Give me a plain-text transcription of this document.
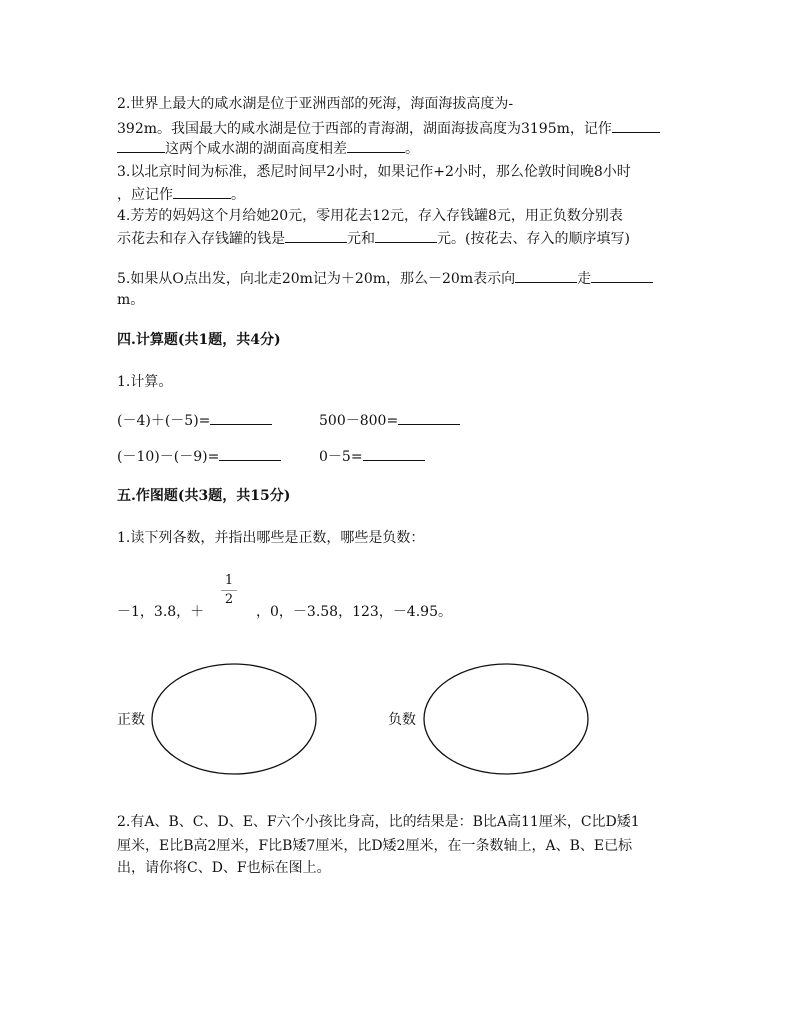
2.世界上最大的咸水湖是位于亚洲西部的死海，海面海拔高度为-
392m。我国最大的咸水湖是位于西部的青海湖，湖面海拔高度为3195m，记作
这两个咸水湖的湖面高度相差	。
3.以北京时间为标准，悉尼时间早2小时，如果记作+2小时，那么伦敦时间晚8小时
，应记作	。
4.芳芳的妈妈这个月给她20元，零用花去12元，存入存钱罐8元，用正负数分别表
示花去和存入存钱罐的钱是	元和	元。(按花去、存入的顺序填写)
5.如果从O点出发，向北走20m记为＋20m，那么－20m表示向	走
m。
四.计算题(共1题，共4分)
1.计算。
(－4)＋(－5)=	500－800=
(－10)－(－9)=	0－5=
五.作图题(共3题，共15分)
1.读下列各数，并指出哪些是正数，哪些是负数：
－1，3.8，＋
1
2
，0，－3.58，123，－4.95。
正数	负数
2.有A、B、C、D、E、F六个小孩比身高，比的结果是：B比A高11厘米，C比D矮1
厘米，E比B高2厘米，F比B矮7厘米，比D矮2厘米，在一条数轴上，A、B、E已标
出，请你将C、D、F也标在图上。
